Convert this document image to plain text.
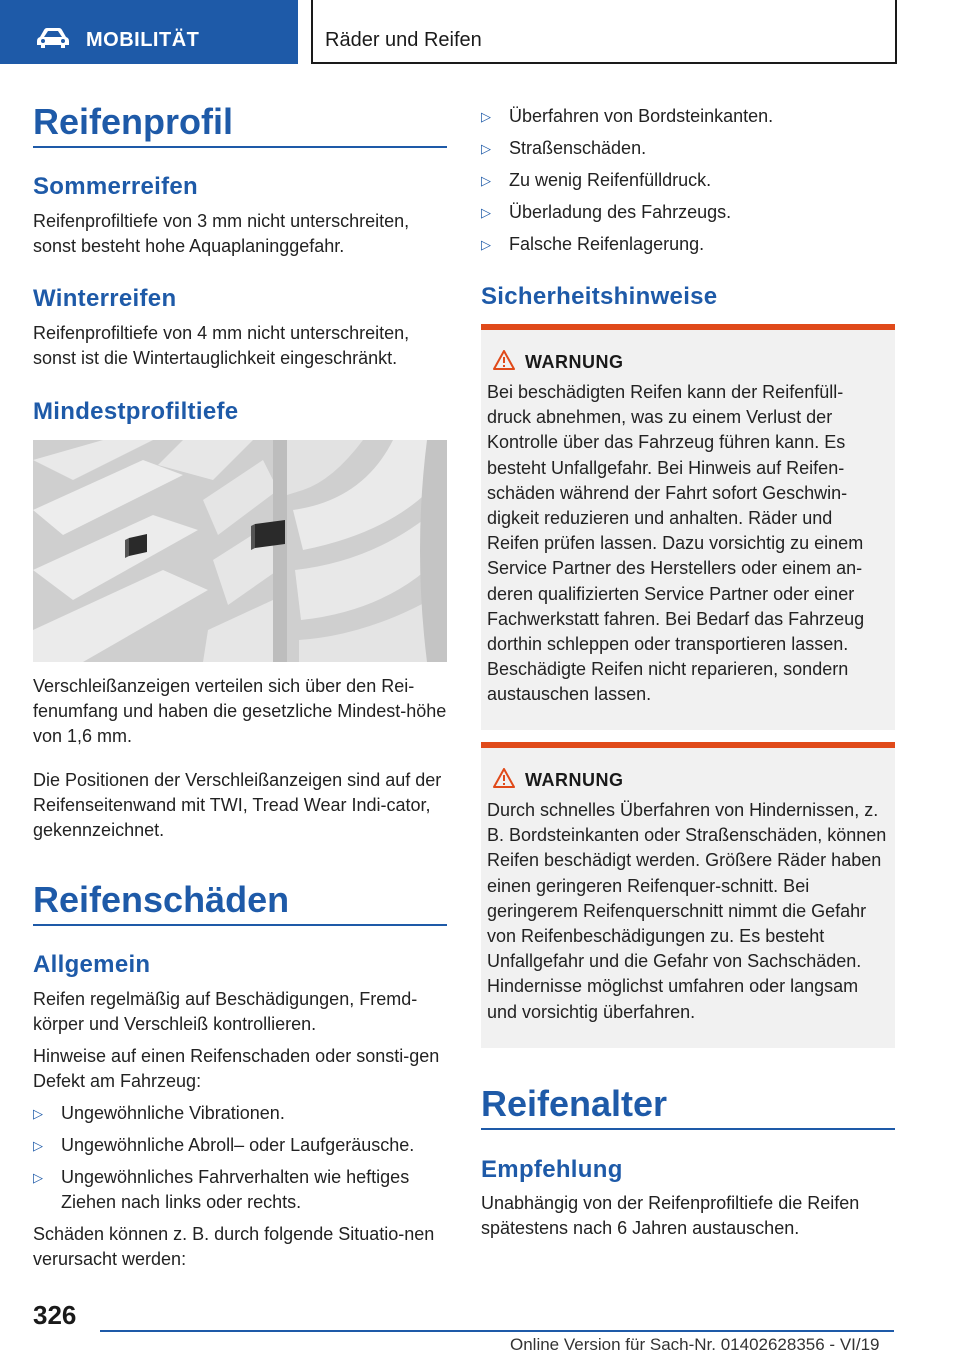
MOBILITÄT	Räder und Reifen
Reifenprofil
Sommerreifen
Reifenprofiltiefe von 3 mm nicht unterschreiten, sonst besteht hohe Aquaplaninggefahr.
Winterreifen
Reifenprofiltiefe von 4 mm nicht unterschreiten, sonst ist die Wintertauglichkeit eingeschränkt.
Mindestprofiltiefe
Verschleißanzeigen verteilen sich über den Rei-fenumfang und haben die gesetzliche Mindest-höhe von 1,6 mm.
Die Positionen der Verschleißanzeigen sind auf der Reifenseitenwand mit TWI, Tread Wear Indi-cator, gekennzeichnet.
Reifenschäden
Allgemein
Reifen regelmäßig auf Beschädigungen, Fremd-körper und Verschleiß kontrollieren.
Hinweise auf einen Reifenschaden oder sonsti-gen Defekt am Fahrzeug:
▷ Ungewöhnliche Vibrationen.
▷ Ungewöhnliche Abroll– oder Laufgeräusche.
▷ Ungewöhnliches Fahrverhalten wie heftiges Ziehen nach links oder rechts.
Schäden können z. B. durch folgende Situatio-nen verursacht werden:
▷ Überfahren von Bordsteinkanten.
▷ Straßenschäden.
▷ Zu wenig Reifenfülldruck.
▷ Überladung des Fahrzeugs.
▷ Falsche Reifenlagerung.
Sicherheitshinweise
WARNUNG
Bei beschädigten Reifen kann der Reifenfüll-druck abnehmen, was zu einem Verlust der Kontrolle über das Fahrzeug führen kann. Es besteht Unfallgefahr. Bei Hinweis auf Reifen-schäden während der Fahrt sofort Geschwin-digkeit reduzieren und anhalten. Räder und Reifen prüfen lassen. Dazu vorsichtig zu einem Service Partner des Herstellers oder einem an-deren qualifizierten Service Partner oder einer Fachwerkstatt fahren. Bei Bedarf das Fahrzeug dorthin schleppen oder transportieren lassen. Beschädigte Reifen nicht reparieren, sondern austauschen lassen.
WARNUNG
Durch schnelles Überfahren von Hindernissen, z. B. Bordsteinkanten oder Straßenschäden, können Reifen beschädigt werden. Größere Räder haben einen geringeren Reifenquer-schnitt. Bei geringerem Reifenquerschnitt nimmt die Gefahr von Reifenbeschädigungen zu. Es besteht Unfallgefahr und die Gefahr von Sachschäden. Hindernisse möglichst umfahren oder langsam und vorsichtig überfahren.
Reifenalter
Empfehlung
Unabhängig von der Reifenprofiltiefe die Reifen spätestens nach 6 Jahren austauschen.
326
Online Version für Sach-Nr. 01402628356 - VI/19
